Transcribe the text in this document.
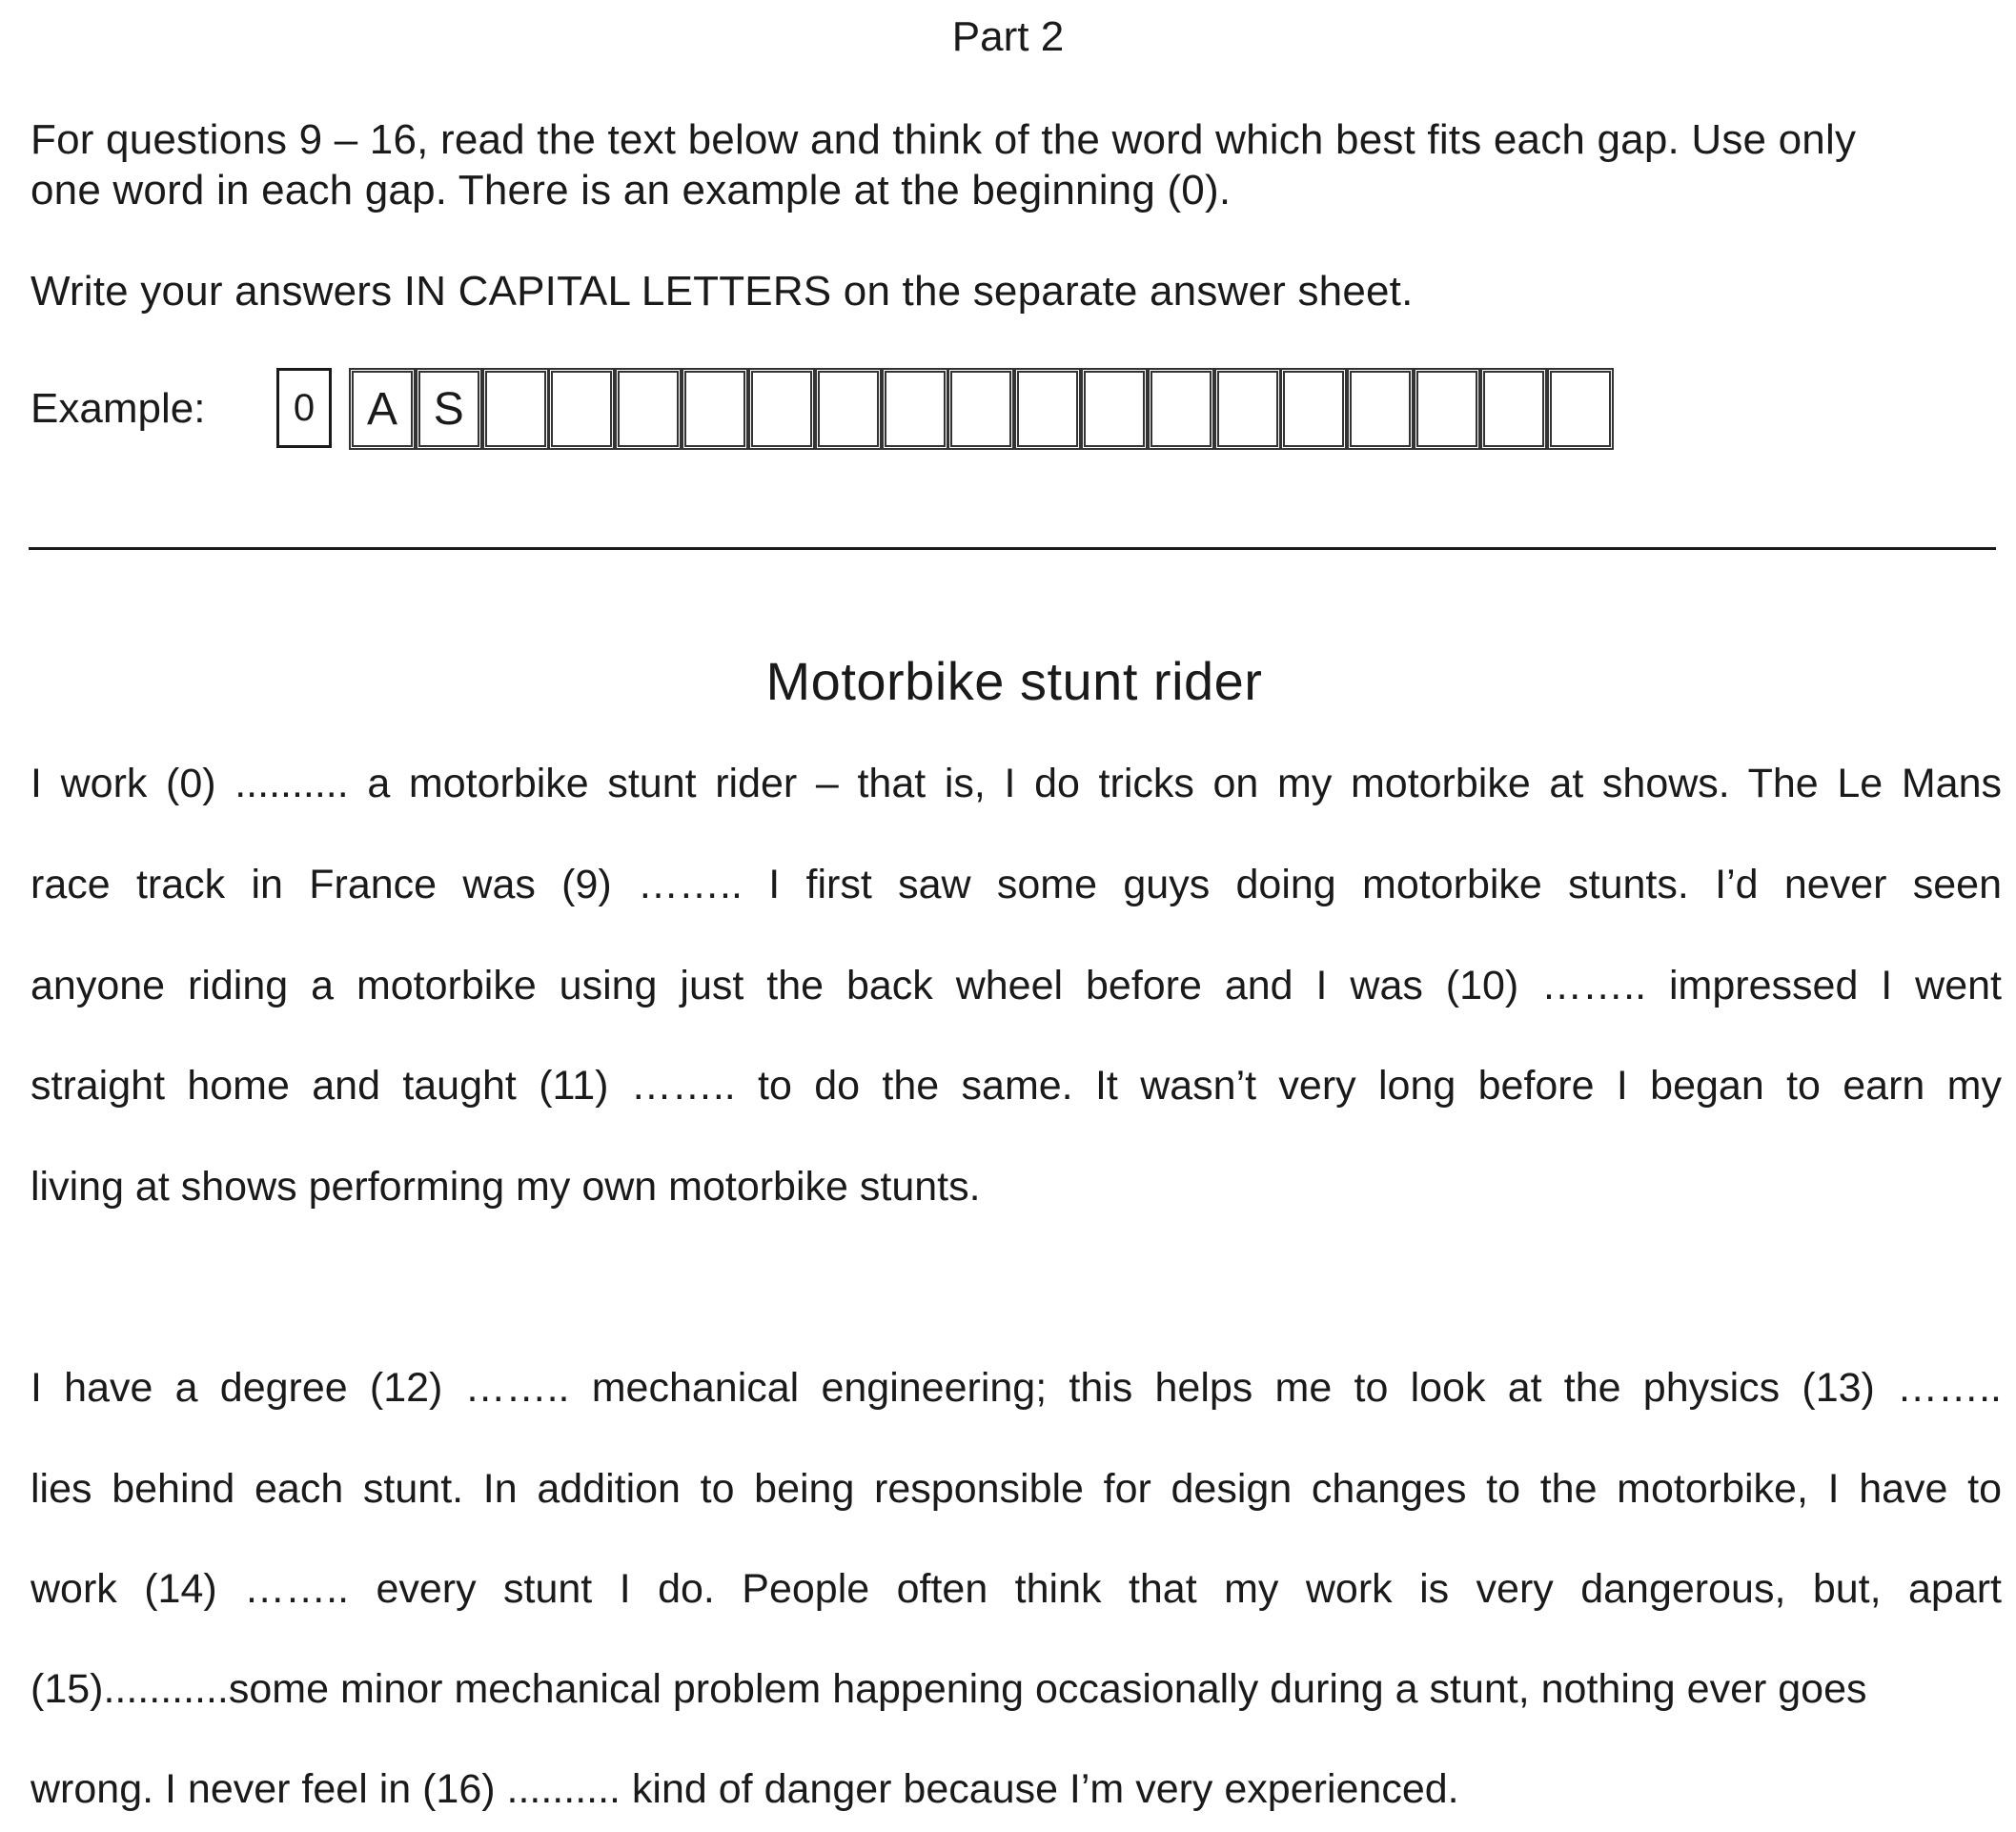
Part 2
For questions 9 – 16, read the text below and think of the word which best fits each gap. Use only
one word in each gap. There is an example at the beginning (0).
Write your answers IN CAPITAL LETTERS on the separate answer sheet.
Example:	0	A S
Motorbike stunt rider
I work (0) .......... a motorbike stunt rider – that is, I do tricks on my motorbike at shows. The Le Mans
race track in France was (9) …….. I first saw some guys doing motorbike stunts. I’d never seen
anyone riding a motorbike using just the back wheel before and I was (10) …….. impressed I went
straight home and taught (11) …….. to do the same. It wasn’t very long before I began to earn my
living at shows performing my own motorbike stunts.
I have a degree (12) …….. mechanical engineering; this helps me to look at the physics (13) ……..
lies behind each stunt. In addition to being responsible for design changes to the motorbike, I have to
work (14) …….. every stunt I do. People often think that my work is very dangerous, but, apart
(15)...........some minor mechanical problem happening occasionally during a stunt, nothing ever goes
wrong. I never feel in (16) .......... kind of danger because I’m very experienced.
